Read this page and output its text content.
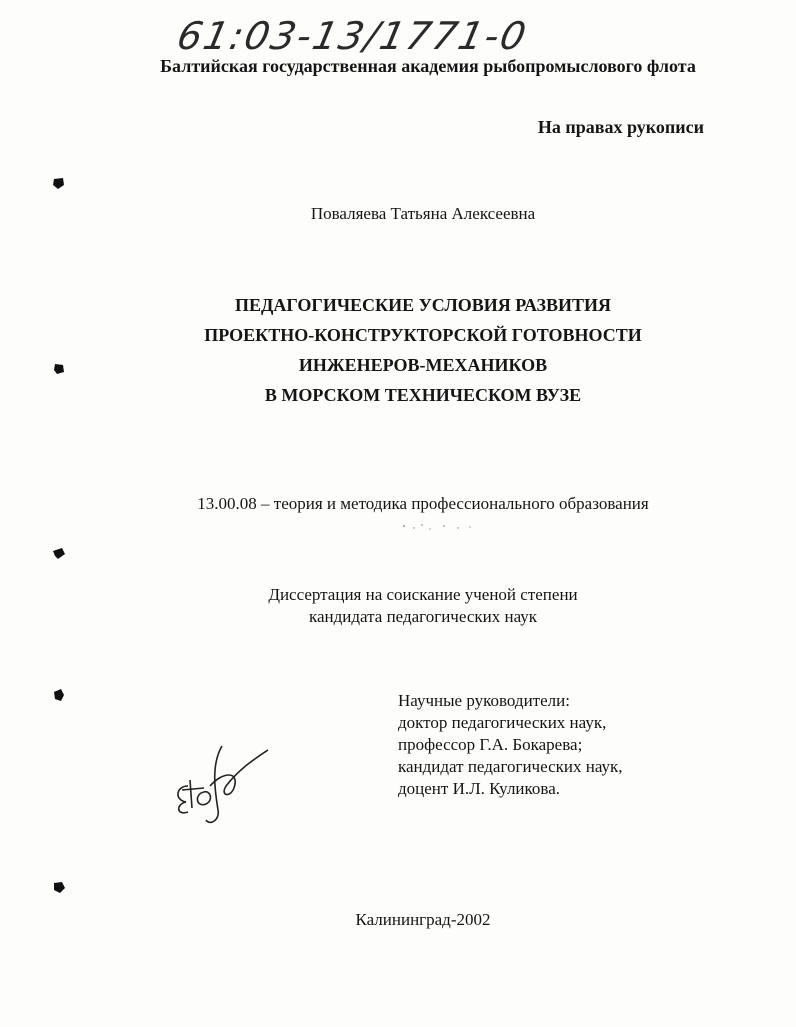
61:03-13/1771-0
Балтийская государственная академия рыбопромыслового флота
На правах рукописи
Поваляева Татьяна Алексеевна
ПЕДАГОГИЧЕСКИЕ УСЛОВИЯ РАЗВИТИЯ
ПРОЕКТНО-КОНСТРУКТОРСКОЙ ГОТОВНОСТИ
ИНЖЕНЕРОВ-МЕХАНИКОВ
В МОРСКОМ ТЕХНИЧЕСКОМ ВУЗЕ
13.00.08 – теория и методика профессионального образования
Диссертация на соискание ученой степени
кандидата педагогических наук
Научные руководители:
доктор педагогических наук,
профессор Г.А. Бокарева;
кандидат педагогических наук,
доцент И.Л. Куликова.
Калининград-2002
